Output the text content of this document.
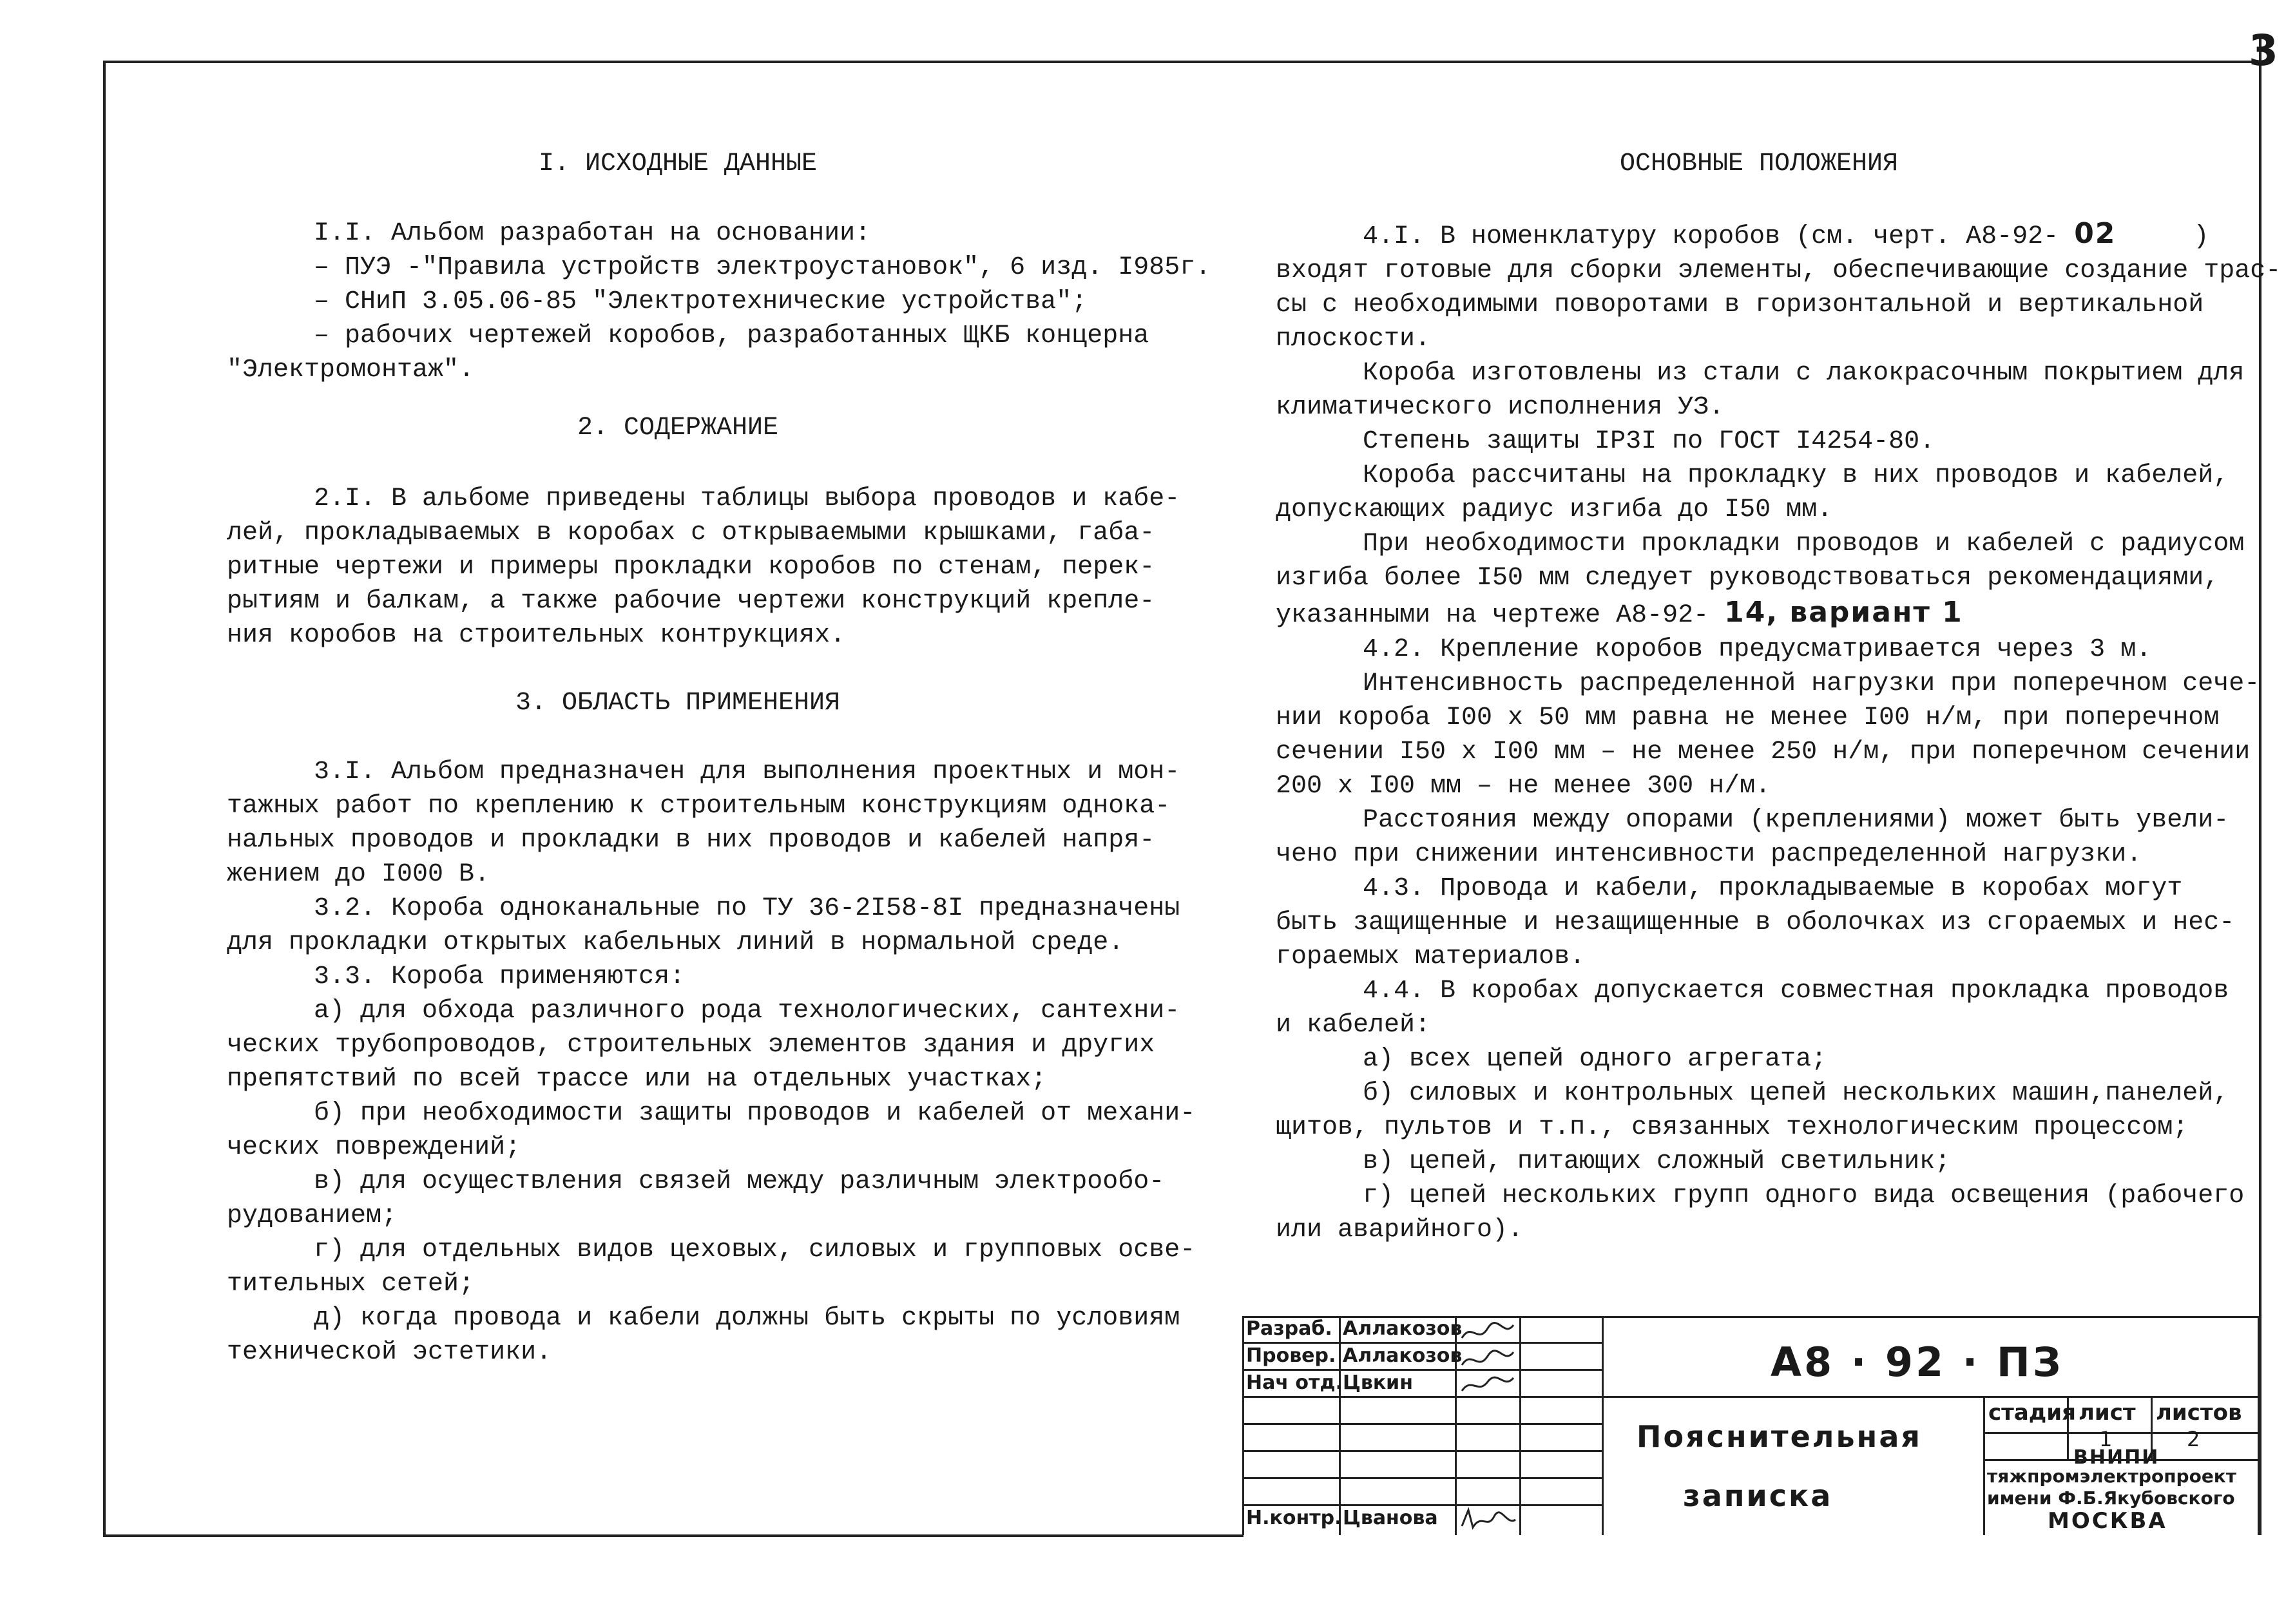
3

I. ИСХОДНЫЕ ДАННЫЕ

I.I. Альбом разработан на основании:

– ПУЭ -"Правила устройств электроустановок", 6 изд. I985г.

– СНиП 3.05.06-85 "Электротехнические устройства";

– рабочих чертежей коробов, разработанных ЩКБ концерна

"Электромонтаж".

2. СОДЕРЖАНИЕ

2.I. В альбоме приведены таблицы выбора проводов и кабе-

лей, прокладываемых в коробах с открываемыми крышками, габа-

ритные чертежи и примеры прокладки коробов по стенам, перек-

рытиям и балкам, а также рабочие чертежи конструкций крепле-

ния коробов на строительных контрукциях.

3. ОБЛАСТЬ ПРИМЕНЕНИЯ

3.I. Альбом предназначен для выполнения проектных и мон-

тажных работ по креплению к строительным конструкциям однока-

нальных проводов и прокладки в них проводов и кабелей напря-

жением до I000 В.

3.2. Короба одноканальные по ТУ 36-2I58-8I предназначены

для прокладки открытых кабельных линий в нормальной среде.

3.3. Короба применяются:

а) для обхода различного рода технологических, сантехни-

ческих трубопроводов, строительных элементов здания и других

препятствий по всей трассе или на отдельных участках;

б) при необходимости защиты проводов и кабелей от механи-

ческих повреждений;

в) для осуществления связей между различным электрообо-

рудованием;

г) для отдельных видов цеховых, силовых и групповых осве-

тительных сетей;

д) когда провода и кабели должны быть скрыты по условиям

технической эстетики.

ОСНОВНЫЕ ПОЛОЖЕНИЯ

4.I. В номенклатуру коробов (см. черт. А8-92- 02     )

входят готовые для сборки элементы, обеспечивающие создание трас-

сы с необходимыми поворотами в горизонтальной и вертикальной

плоскости.

Короба изготовлены из стали с лакокрасочным покрытием для

климатического исполнения УЗ.

Степень защиты IP3I по ГОСТ I4254-80.

Короба рассчитаны на прокладку в них проводов и кабелей,

допускающих радиус изгиба до I50 мм.

При необходимости прокладки проводов и кабелей с радиусом

изгиба более I50 мм следует руководствоваться рекомендациями,

указанными на чертеже А8-92- 14, вариант 1

4.2. Крепление коробов предусматривается через 3 м.

Интенсивность распределенной нагрузки при поперечном сече-

нии короба I00 х 50 мм равна не менее I00 н/м, при поперечном

сечении I50 х I00 мм – не менее 250 н/м, при поперечном сечении

200 х I00 мм – не менее 300 н/м.

Расстояния между опорами (креплениями) может быть увели-

чено при снижении интенсивности распределенной нагрузки.

4.3. Провода и кабели, прокладываемые в коробах могут

быть защищенные и незащищенные в оболочках из сгораемых и нес-

гораемых материалов.

4.4. В коробах допускается совместная прокладка проводов

и кабелей:

а) всех цепей одного агрегата;

б) силовых и контрольных цепей нескольких машин,панелей,

щитов, пультов и т.п., связанных технологическим процессом;

в) цепей, питающих сложный светильник;

г) цепей нескольких групп одного вида освещения (рабочего

или аварийного).

Разраб. Аллакозов
Провер. Аллакозов
Нач отд. Цвкин
Н.контр. Цванова
А8 · 92 · ПЗ
Пояснительная
записка
стадия лист листов
1	2
ВНИПИ
тяжпромэлектропроект
имени Ф.Б.Якубовского
МОСКВА
